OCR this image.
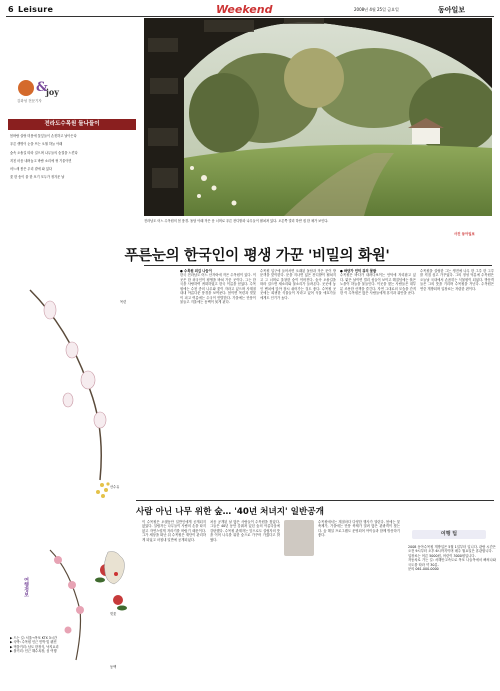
6 Leisure	Weekend	2008년 4월 25일 금요일	동아일보
&
joy
김화성 전문기자
전라도수목원 둘나들이

봄바람 살랑 미풍에 꽃잎들이 손짓하고 날아든다

푸른 생명이 눈을 뜨는 오월 하늘 아래

숲속 오솔길 따라 걸으며 나무들의 숨결을 느낀다

지친 마음 내려놓고 바람 소리에 귀 기울이면

어느새 봄은 우리 곁에 와 있다

꽃 한 송이 풀 한 포기 모두가 정겨운 날

전라남도 어느 수목원의 봄 풍경. 돌담 아래 작은 문 너머로 푸른 잔디밭과 나무들이 펼쳐져 있다. 오른쪽 멀리 하얀 집 한 채가 보인다.
사진 동아일보
푸른눈의 한국인이 평생 가꾼 '비밀의 화원'
목련
산수유
벚꽃
동백
● 수목원 외길 나들이
한국 전라남도 어느 산자락에 작은 수목원이 있다. 이곳은 한 외국인이 평생을 바쳐 가꾼 곳이다. 그는 한국을 사랑하여 귀화하였고 한국 이름을 얻었다. 수목원에는 수천 종의 나무와 꽃이 자라고 있으며 사계절 내내 아름다운 풍경을 보여준다. 봄이면 목련과 벚꽃이 피고 여름에는 수국이 만발한다. 가을에는 단풍이 물들고 겨울에는 동백이 붉게 핀다.
수목원 입구에 들어서면 오래된 돌담과 작은 문이 방문객을 맞이한다. 문을 지나면 넓은 잔디밭이 펼쳐지고 그 너머로 울창한 숲이 이어진다. 숲속 오솔길을 따라 걸으면 새소리와 물소리가 들려온다. 곳곳에 놓인 벤치에 앉아 잠시 쉬어가는 것도 좋다. 수목원 곳곳에는 희귀한 식물들이 자라고 있어 식물 애호가들에게도 인기가 높다.
● 바닷가 언덕 위의 꽃밭
수목원은 바다가 내려다보이는 언덕에 자리잡고 있다. 맑은 날이면 멀리 섬들이 보이고 해질녘에는 붉은 노을이 하늘을 물들인다. 이곳을 찾는 사람들은 대부분 조용한 산책을 즐긴다. 자연 그대로의 모습을 간직한 이 수목원은 많은 사람들에게 휴식과 위안을 준다.
수목원을 설립한 그는 생전에 나무 한 그루 한 그루를 직접 심고 가꾸었다. 그의 정성 덕분에 수목원은 오늘날 국내에서 손꼽히는 식물원이 되었다. 방문객들은 그의 뜻을 기리며 수목원을 거닌다. 수목원은 연중 개방되며 입장료는 저렴한 편이다.
사람 아닌 나무 위한 숲… '40년 처녀지' 일반공개
이 수목원은 오랫동안 일반인에게 공개되지 않았다. 설립자는 나무들이 사람의 손을 타지 않고 자연스럽게 자라기를 바랐기 때문이다. 그가 세상을 떠난 뒤 수목원은 재단이 관리하게 되었고 마침내 일반에 공개되었다.
처음 공개된 날 많은 사람들이 수목원을 찾았다. 그들은 40년 동안 감춰져 있던 숲의 아름다움에 감탄했다. 수목원 관계자는 앞으로도 설립자의 뜻을 이어 나무를 위한 숲으로 가꾸어 가겠다고 밝혔다.
수목원에서는 계절마다 다양한 행사가 열린다. 봄에는 꽃 축제가, 가을에는 단풍 축제가 열려 많은 관광객이 찾는다. 숲 해설 프로그램도 운영되어 아이들과 함께 방문하기 좋다.	여행 팁
2008 동아수목원 개방일은 5월 1일부터 입니다. 관람 시간은 오전 9시부터 오후 6시까지이며 매주 월요일은 휴관합니다.
입장료는 어른 5000원, 어린이 3000원입니다.
자동차로 가는 길: 서해안고속도로 목포 나들목에서 빠져나와 국도를 따라 약 30분.
문의 061-000-0000
여행정보
▶ 드는 길: 서울→목포 KTX 3시간
▶ 숙박: 수목원 인근 민박 및 펜션
▶ 먹을거리: 남도 한정식, 낙지요리
▶ 볼거리: 인근 해수욕장, 섬 여행
